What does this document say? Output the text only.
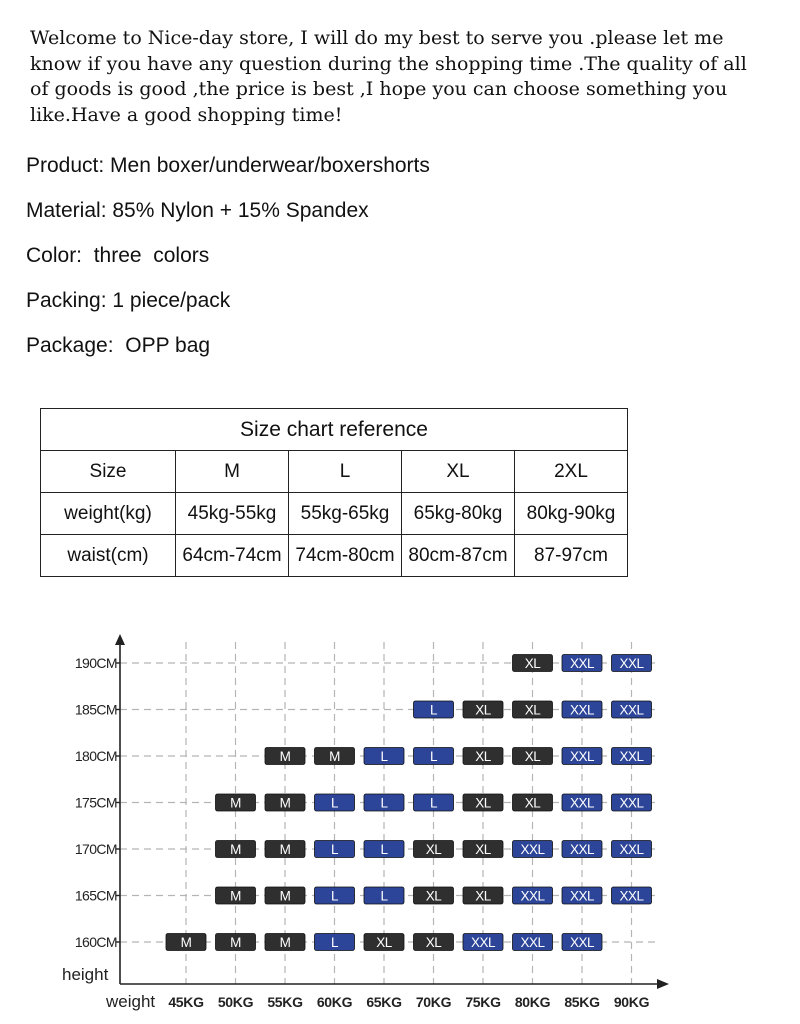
Welcome to Nice-day store, I will do my best to serve you .please let me know if you have any question during the shopping time .The quality of all of goods is good ,the price is best ,I hope you can choose something you like.Have a good shopping time!
Product: Men boxer/underwear/boxershorts
Material: 85% Nylon + 15% Spandex
Color:  three  colors
Packing: 1 piece/pack
Package:  OPP bag
Size chart reference				
Size	M	L	XL	2XL
weight(kg)	45kg-55kg	55kg-65kg	65kg-80kg	80kg-90kg
waist(cm)	64cm-74cm	74cm-80cm	80cm-87cm	87-97cm
190CM
185CM
180CM
175CM
170CM
165CM
160CM
height
weight 45KG 50KG 55KG 60KG 65KG 70KG 75KG 80KG 85KG 90KG
XL XXL XXL
L	XL	XL XXL XXL
M	M	L	L	XL	XL XXL XXL
M	M	L	L	L	XL	XL XXL XXL
M	M	L	L	XL	XL XXL XXL XXL
M	M	L	L	XL	XL XXL XXL XXL
M	M	M	L	XL	XL XXL XXL XXL
